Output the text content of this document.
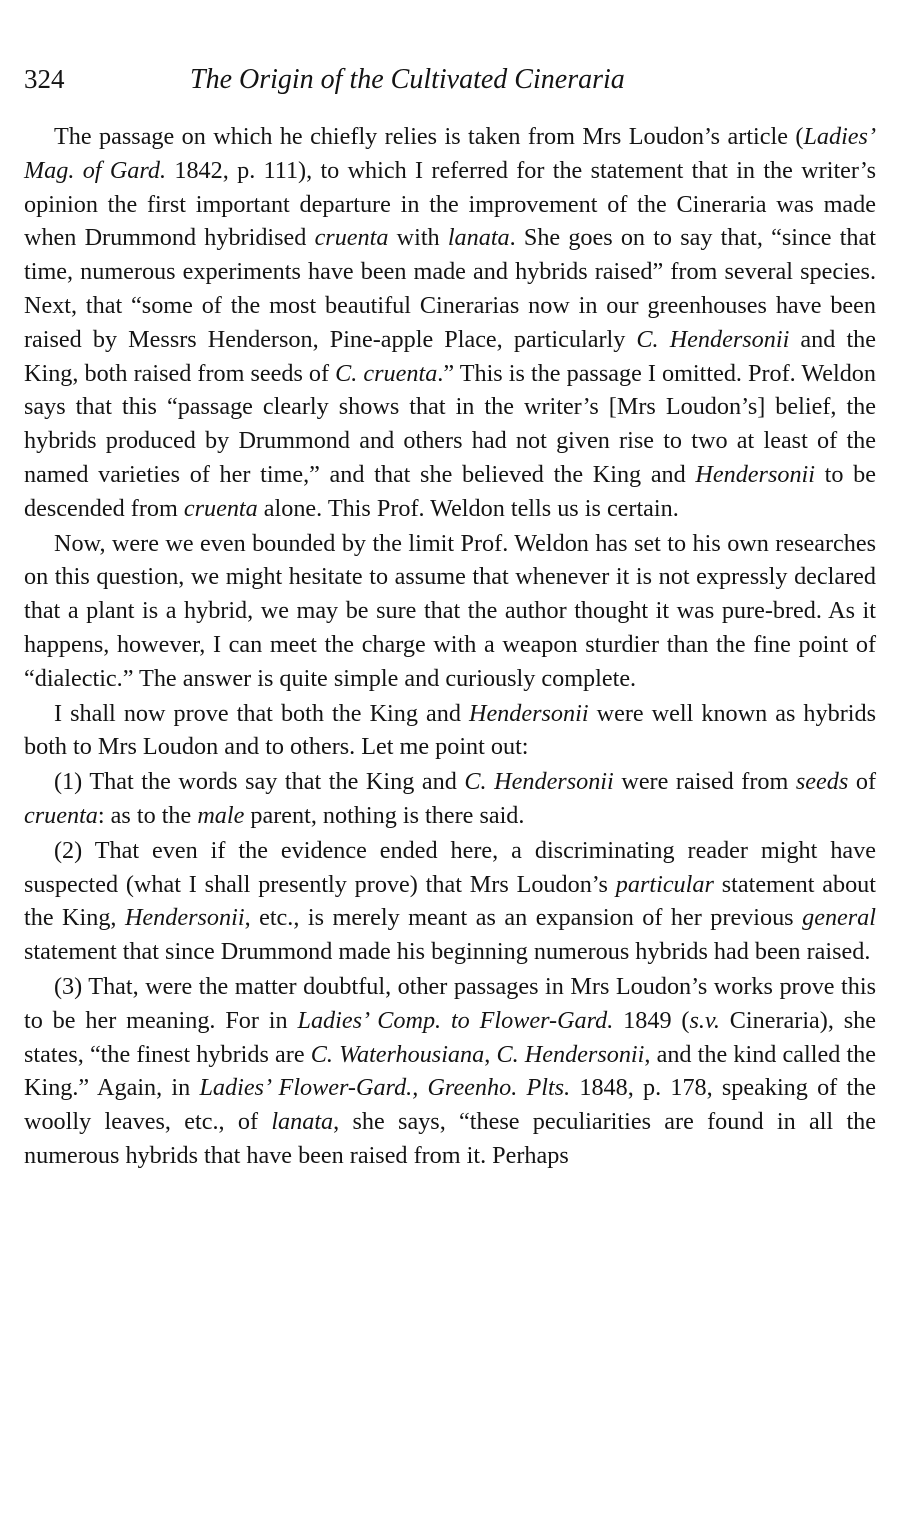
324	The Origin of the Cultivated Cineraria

The passage on which he chiefly relies is taken from Mrs Loudon’s article (Ladies’ Mag. of Gard. 1842, p. 111), to which I referred for the statement that in the writer’s opinion the first important departure in the improvement of the Cineraria was made when Drummond hybridised cruenta with lanata. She goes on to say that, “since that time, numerous experiments have been made and hybrids raised” from several species. Next, that “some of the most beautiful Cinerarias now in our greenhouses have been raised by Messrs Henderson, Pine-apple Place, particularly C. Hendersonii and the King, both raised from seeds of C. cruenta.” This is the passage I omitted. Prof. Weldon says that this “passage clearly shows that in the writer’s [Mrs Loudon’s] belief, the hybrids produced by Drummond and others had not given rise to two at least of the named varieties of her time,” and that she believed the King and Hendersonii to be descended from cruenta alone. This Prof. Weldon tells us is certain.

Now, were we even bounded by the limit Prof. Weldon has set to his own researches on this question, we might hesitate to assume that whenever it is not expressly declared that a plant is a hybrid, we may be sure that the author thought it was pure-bred. As it happens, however, I can meet the charge with a weapon sturdier than the fine point of “dialectic.” The answer is quite simple and curiously complete.

I shall now prove that both the King and Hendersonii were well known as hybrids both to Mrs Loudon and to others. Let me point out:

(1) That the words say that the King and C. Hendersonii were raised from seeds of cruenta: as to the male parent, nothing is there said.

(2) That even if the evidence ended here, a discriminating reader might have suspected (what I shall presently prove) that Mrs Loudon’s particular statement about the King, Hendersonii, etc., is merely meant as an expansion of her previous general statement that since Drummond made his beginning numerous hybrids had been raised.

(3) That, were the matter doubtful, other passages in Mrs Loudon’s works prove this to be her meaning. For in Ladies’ Comp. to Flower-Gard. 1849 (s.v. Cineraria), she states, “the finest hybrids are C. Waterhousiana, C. Hendersonii, and the kind called the King.” Again, in Ladies’ Flower-Gard., Greenho. Plts. 1848, p. 178, speaking of the woolly leaves, etc., of lanata, she says, “these peculiarities are found in all the numerous hybrids that have been raised from it. Perhaps
